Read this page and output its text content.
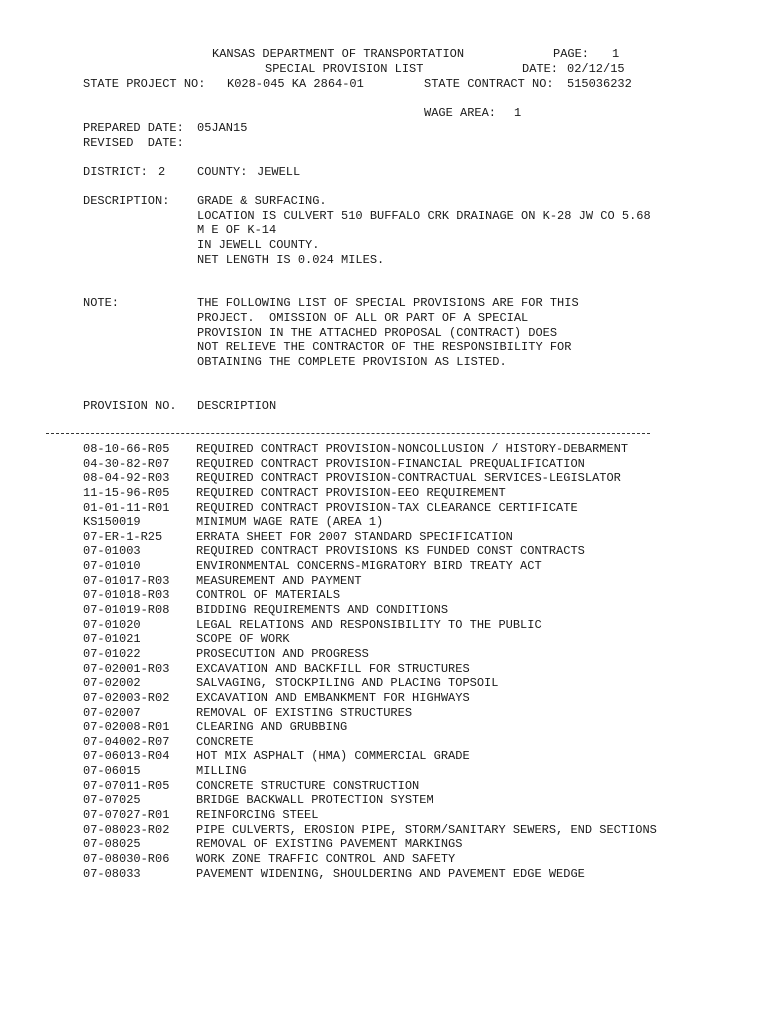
KANSAS DEPARTMENT OF TRANSPORTATION	PAGE: 1
SPECIAL PROVISION LIST	DATE: 02/12/15
STATE PROJECT NO: K028-045 KA 2864-01	STATE CONTRACT NO: 515036232
WAGE AREA: 1
PREPARED DATE: 05JAN15
REVISED  DATE:
DISTRICT: 2	COUNTY: JEWELL
DESCRIPTION: GRADE & SURFACING.
LOCATION IS CULVERT 510 BUFFALO CRK DRAINAGE ON K-28 JW CO 5.68
M E OF K-14
IN JEWELL COUNTY.
NET LENGTH IS 0.024 MILES.
NOTE:	THE FOLLOWING LIST OF SPECIAL PROVISIONS ARE FOR THIS
PROJECT.  OMISSION OF ALL OR PART OF A SPECIAL
PROVISION IN THE ATTACHED PROPOSAL (CONTRACT) DOES
NOT RELIEVE THE CONTRACTOR OF THE RESPONSIBILITY FOR
OBTAINING THE COMPLETE PROVISION AS LISTED.
PROVISION NO. DESCRIPTION
08-10-66-R05 REQUIRED CONTRACT PROVISION-NONCOLLUSION / HISTORY-DEBARMENT
04-30-82-R07 REQUIRED CONTRACT PROVISION-FINANCIAL PREQUALIFICATION
08-04-92-R03 REQUIRED CONTRACT PROVISION-CONTRACTUAL SERVICES-LEGISLATOR
11-15-96-R05 REQUIRED CONTRACT PROVISION-EEO REQUIREMENT
01-01-11-R01 REQUIRED CONTRACT PROVISION-TAX CLEARANCE CERTIFICATE
KS150019	MINIMUM WAGE RATE (AREA 1)
07-ER-1-R25	ERRATA SHEET FOR 2007 STANDARD SPECIFICATION
07-01003	REQUIRED CONTRACT PROVISIONS KS FUNDED CONST CONTRACTS
07-01010	ENVIRONMENTAL CONCERNS-MIGRATORY BIRD TREATY ACT
07-01017-R03 MEASUREMENT AND PAYMENT
07-01018-R03 CONTROL OF MATERIALS
07-01019-R08 BIDDING REQUIREMENTS AND CONDITIONS
07-01020	LEGAL RELATIONS AND RESPONSIBILITY TO THE PUBLIC
07-01021	SCOPE OF WORK
07-01022	PROSECUTION AND PROGRESS
07-02001-R03 EXCAVATION AND BACKFILL FOR STRUCTURES
07-02002	SALVAGING, STOCKPILING AND PLACING TOPSOIL
07-02003-R02 EXCAVATION AND EMBANKMENT FOR HIGHWAYS
07-02007	REMOVAL OF EXISTING STRUCTURES
07-02008-R01 CLEARING AND GRUBBING
07-04002-R07 CONCRETE
07-06013-R04 HOT MIX ASPHALT (HMA) COMMERCIAL GRADE
07-06015	MILLING
07-07011-R05 CONCRETE STRUCTURE CONSTRUCTION
07-07025	BRIDGE BACKWALL PROTECTION SYSTEM
07-07027-R01 REINFORCING STEEL
07-08023-R02 PIPE CULVERTS, EROSION PIPE, STORM/SANITARY SEWERS, END SECTIONS
07-08025	REMOVAL OF EXISTING PAVEMENT MARKINGS
07-08030-R06 WORK ZONE TRAFFIC CONTROL AND SAFETY
07-08033	PAVEMENT WIDENING, SHOULDERING AND PAVEMENT EDGE WEDGE
